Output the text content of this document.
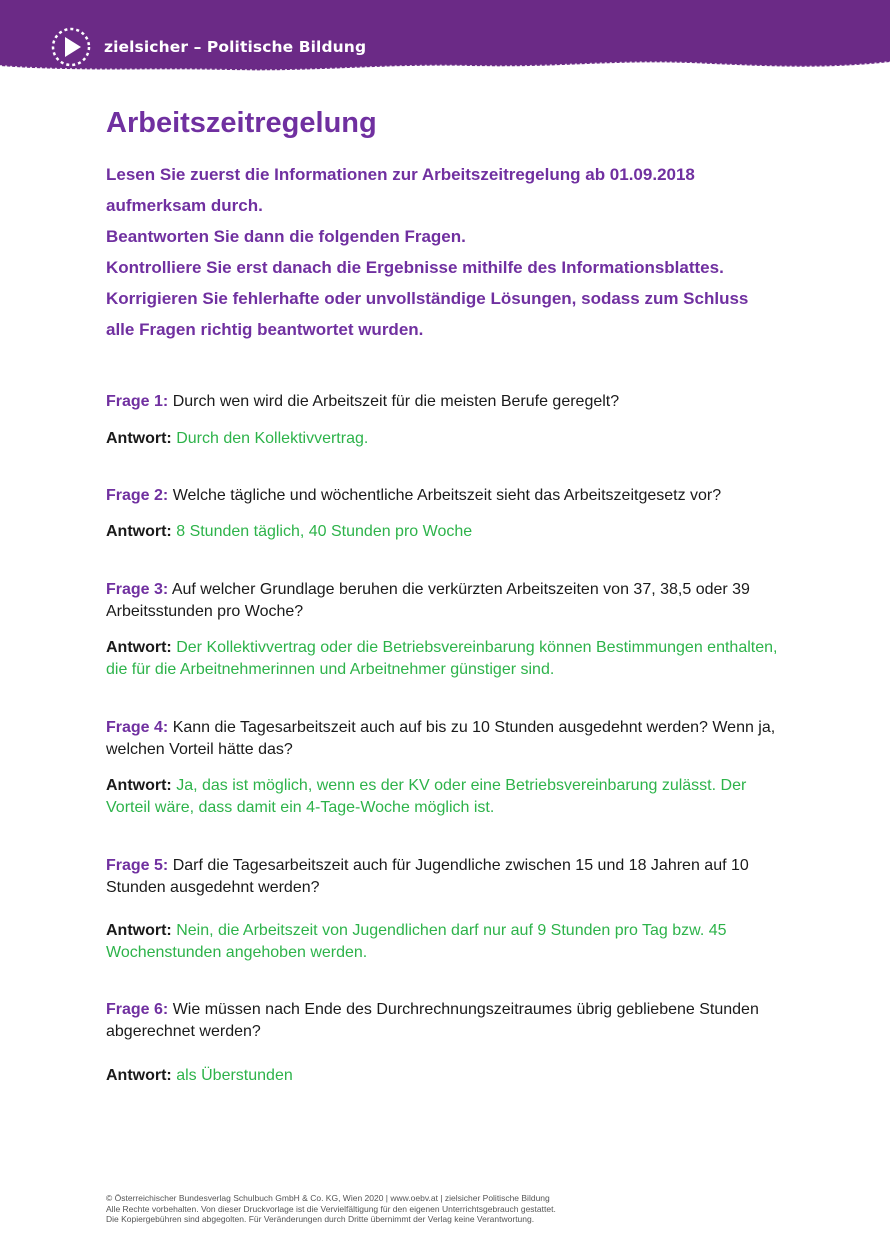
zielsicher – Politische Bildung
Arbeitszeitregelung
Lesen Sie zuerst die Informationen zur Arbeitszeitregelung ab 01.09.2018
aufmerksam durch.
Beantworten Sie dann die folgenden Fragen.
Kontrolliere Sie erst danach die Ergebnisse mithilfe des Informationsblattes.
Korrigieren Sie fehlerhafte oder unvollständige Lösungen, sodass zum Schluss
alle Fragen richtig beantwortet wurden.

Frage 1: Durch wen wird die Arbeitszeit für die meisten Berufe geregelt?

Antwort: Durch den Kollektivvertrag.

Frage 2: Welche tägliche und wöchentliche Arbeitszeit sieht das Arbeitszeitgesetz vor?

Antwort: 8 Stunden täglich, 40 Stunden pro Woche

Frage 3: Auf welcher Grundlage beruhen die verkürzten Arbeitszeiten von 37, 38,5 oder 39 Arbeitsstunden pro Woche?

Antwort: Der Kollektivvertrag oder die Betriebsvereinbarung können Bestimmungen enthalten, die für die Arbeitnehmerinnen und Arbeitnehmer günstiger sind.

Frage 4: Kann die Tagesarbeitszeit auch auf bis zu 10 Stunden ausgedehnt werden? Wenn ja, welchen Vorteil hätte das?

Antwort: Ja, das ist möglich, wenn es der KV oder eine Betriebsvereinbarung zulässt. Der Vorteil wäre, dass damit ein 4-Tage-Woche möglich ist.

Frage 5: Darf die Tagesarbeitszeit auch für Jugendliche zwischen 15 und 18 Jahren auf 10 Stunden ausgedehnt werden?

Antwort: Nein, die Arbeitszeit von Jugendlichen darf nur auf 9 Stunden pro Tag bzw. 45 Wochenstunden angehoben werden.

Frage 6: Wie müssen nach Ende des Durchrechnungszeitraumes übrig gebliebene Stunden abgerechnet werden?

Antwort: als Überstunden

© Österreichischer Bundesverlag Schulbuch GmbH & Co. KG, Wien 2020 | www.oebv.at | zielsicher Politische Bildung
Alle Rechte vorbehalten. Von dieser Druckvorlage ist die Vervielfältigung für den eigenen Unterrichtsgebrauch gestattet.
Die Kopiergebühren sind abgegolten. Für Veränderungen durch Dritte übernimmt der Verlag keine Verantwortung.
